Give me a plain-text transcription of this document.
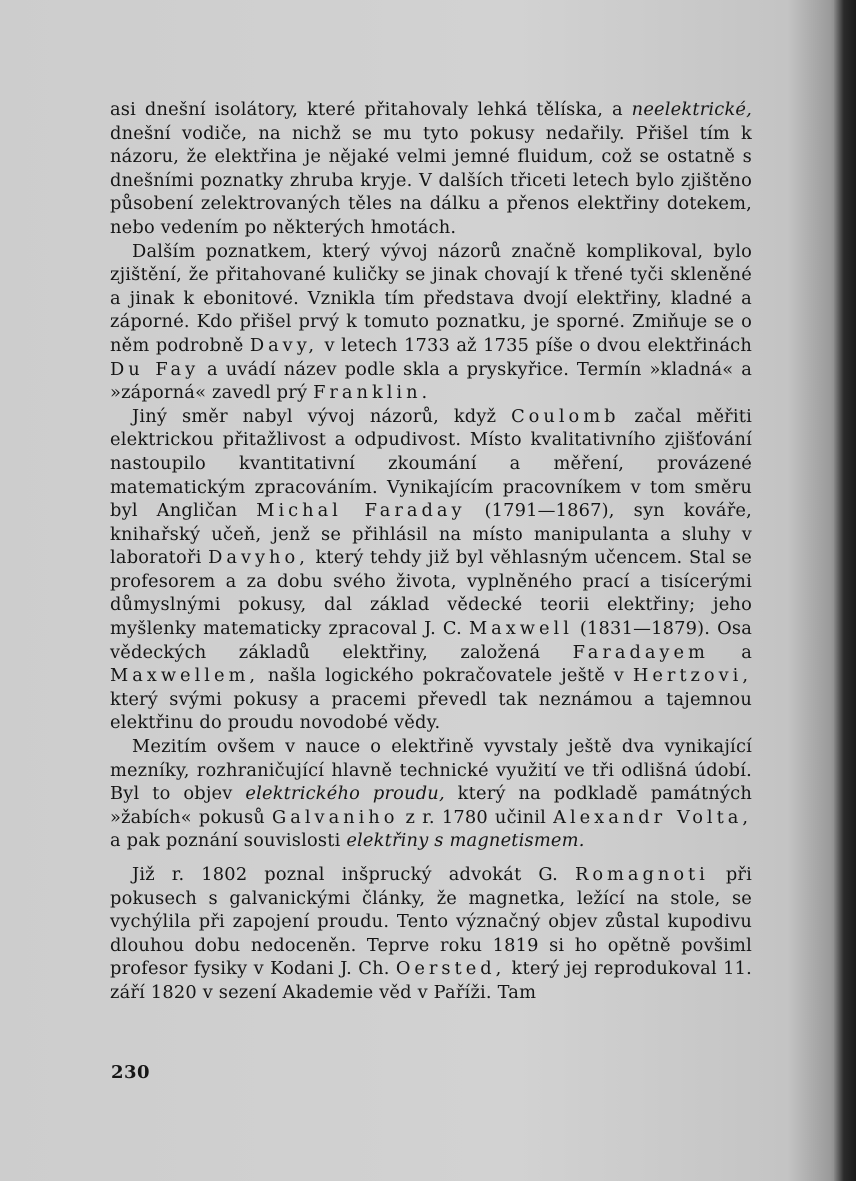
asi dnešní isolátory, které přitahovaly lehká tělíska, a neelektrické, dnešní vodiče, na nichž se mu tyto pokusy nedařily. Přišel tím k názoru, že elektřina je nějaké velmi jemné fluidum, což se ostatně s dnešními poznatky zhruba kryje. V dalších třiceti letech bylo zjištěno působení zelektrovaných těles na dálku a přenos elektřiny dotekem, nebo vedením po některých hmotách.

Dalším poznatkem, který vývoj názorů značně komplikoval, bylo zjištění, že přitahované kuličky se jinak chovají k třené tyči skleněné a jinak k ebonitové. Vznikla tím představa dvojí elektřiny, kladné a záporné. Kdo přišel prvý k tomuto poznatku, je sporné. Zmiňuje se o něm podrobně Davy, v letech 1733 až 1735 píše o dvou elektřinách Du Fay a uvádí název podle skla a pryskyřice. Termín »kladná« a »záporná« zavedl prý Franklin.

Jiný směr nabyl vývoj názorů, když Coulomb začal měřiti elektrickou přitažlivost a odpudivost. Místo kvalitativního zjišťování nastoupilo kvantitativní zkoumání a měření, provázené matematickým zpracováním. Vynikajícím pracovníkem v tom směru byl Angličan Michal Faraday (1791—1867), syn kováře, knihařský učeň, jenž se přihlásil na místo manipulanta a sluhy v laboratoři Davyho, který tehdy již byl věhlasným učencem. Stal se profesorem a za dobu svého života, vyplněného prací a tisícerými důmyslnými pokusy, dal základ vědecké teorii elektřiny; jeho myšlenky matematicky zpracoval J. C. Maxwell (1831—1879). Osa vědeckých základů elektřiny, založená Faradayem a Maxwellem, našla logického pokračovatele ještě v Hertzovi, který svými pokusy a pracemi převedl tak neznámou a tajemnou elektřinu do proudu novodobé vědy.

Mezitím ovšem v nauce o elektřině vyvstaly ještě dva vynikající mezníky, rozhraničující hlavně technické využití ve tři odlišná údobí. Byl to objev elektrického proudu, který na podkladě památných »žabích« pokusů Galvaniho z r. 1780 učinil Alexandr Volta, a pak poznání souvislosti elektřiny s magnetismem.

Již r. 1802 poznal inšprucký advokát G. Romagnoti při pokusech s galvanickými články, že magnetka, ležící na stole, se vychýlila při zapojení proudu. Tento význačný objev zůstal kupodivu dlouhou dobu nedoceněn. Teprve roku 1819 si ho opětně povšiml profesor fysiky v Kodani J. Ch. Oersted, který jej reprodukoval 11. září 1820 v sezení Akademie věd v Paříži. Tam

230
